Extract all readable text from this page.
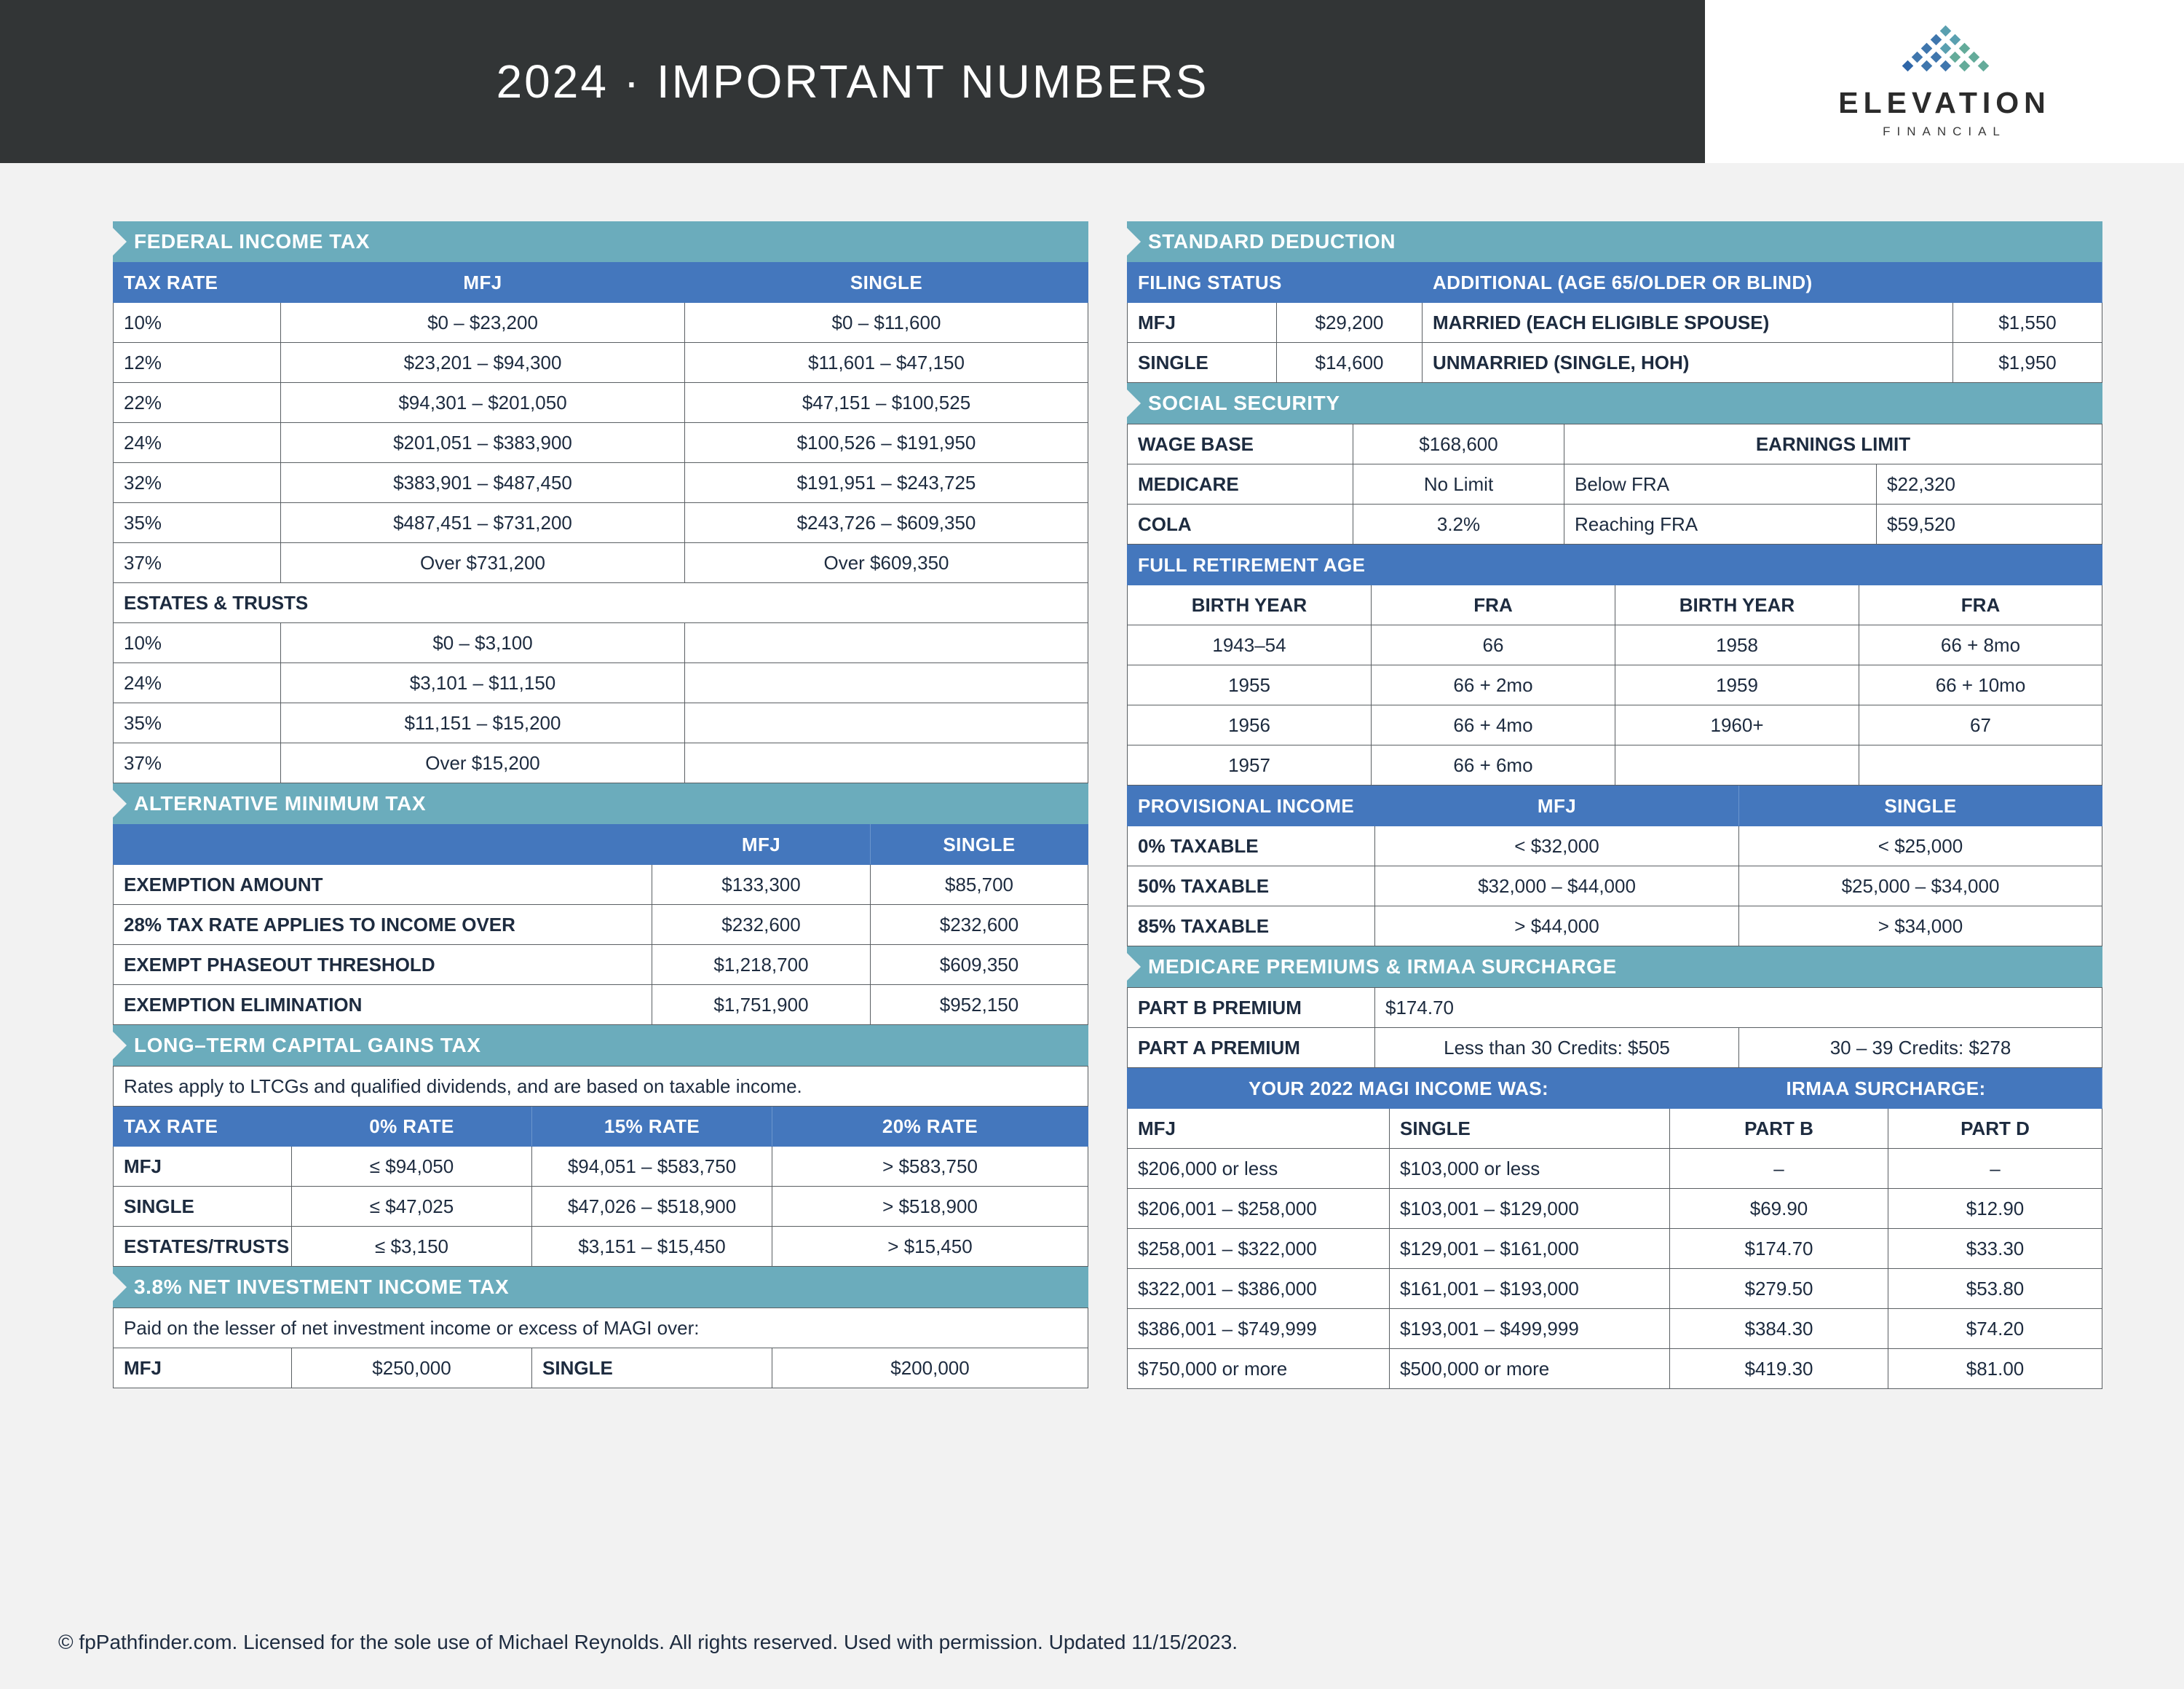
2024 · IMPORTANT NUMBERS	ELEVATION
FINANCIAL
FEDERAL INCOME TAX
TAX RATE	MFJ	SINGLE
10%	$0 – $23,200	$0 – $11,600
12%	$23,201 – $94,300	$11,601 – $47,150
22%	$94,301 – $201,050	$47,151 – $100,525
24%	$201,051 – $383,900	$100,526 – $191,950
32%	$383,901 – $487,450	$191,951 – $243,725
35%	$487,451 – $731,200	$243,726 – $609,350
37%	Over $731,200	Over $609,350
ESTATES & TRUSTS		
10%	$0 – $3,100	
24%	$3,101 – $11,150	
35%	$11,151 – $15,200	
37%	Over $15,200	
ALTERNATIVE MINIMUM TAX
	MFJ	SINGLE
EXEMPTION AMOUNT	$133,300	$85,700
28% TAX RATE APPLIES TO INCOME OVER	$232,600	$232,600
EXEMPT PHASEOUT THRESHOLD	$1,218,700	$609,350
EXEMPTION ELIMINATION	$1,751,900	$952,150
LONG–TERM CAPITAL GAINS TAX
Rates apply to LTCGs and qualified dividends, and are based on taxable income.			
TAX RATE	0% RATE	15% RATE	20% RATE
MFJ	≤ $94,050	$94,051 – $583,750	> $583,750
SINGLE	≤ $47,025	$47,026 – $518,900	> $518,900
ESTATES/TRUSTS	≤ $3,150	$3,151 – $15,450	> $15,450
3.8% NET INVESTMENT INCOME TAX
Paid on the lesser of net investment income or excess of MAGI over:
MFJ	$250,000	SINGLE	$200,000
STANDARD DEDUCTION
FILING STATUS		ADDITIONAL (AGE 65/OLDER OR BLIND)	
MFJ	$29,200	MARRIED (EACH ELIGIBLE SPOUSE)	$1,550
SINGLE	$14,600	UNMARRIED (SINGLE, HOH)	$1,950
SOCIAL SECURITY
WAGE BASE	$168,600	EARNINGS LIMIT	
MEDICARE	No Limit	Below FRA	$22,320
COLA	3.2%	Reaching FRA	$59,520
FULL RETIREMENT AGE			
BIRTH YEAR	FRA	BIRTH YEAR	FRA
1943–54	66	1958	66 + 8mo
1955	66 + 2mo	1959	66 + 10mo
1956	66 + 4mo	1960+	67
1957	66 + 6mo		
PROVISIONAL INCOME	MFJ	SINGLE
0% TAXABLE	< $32,000	< $25,000
50% TAXABLE	$32,000 – $44,000	$25,000 – $34,000
85% TAXABLE	> $44,000	> $34,000
MEDICARE PREMIUMS & IRMAA SURCHARGE
PART B PREMIUM	$174.70	
PART A PREMIUM	Less than 30 Credits: $505	30 – 39 Credits: $278
YOUR 2022 MAGI INCOME WAS:		IRMAA SURCHARGE:	
MFJ	SINGLE	PART B	PART D
$206,000 or less	$103,000 or less	–	–
$206,001 – $258,000	$103,001 – $129,000	$69.90	$12.90
$258,001 – $322,000	$129,001 – $161,000	$174.70	$33.30
$322,001 – $386,000	$161,001 – $193,000	$279.50	$53.80
$386,001 – $749,999	$193,001 – $499,999	$384.30	$74.20
$750,000 or more	$500,000 or more	$419.30	$81.00
© fpPathfinder.com. Licensed for the sole use of Michael Reynolds. All rights reserved. Used with permission. Updated 11/15/2023.
